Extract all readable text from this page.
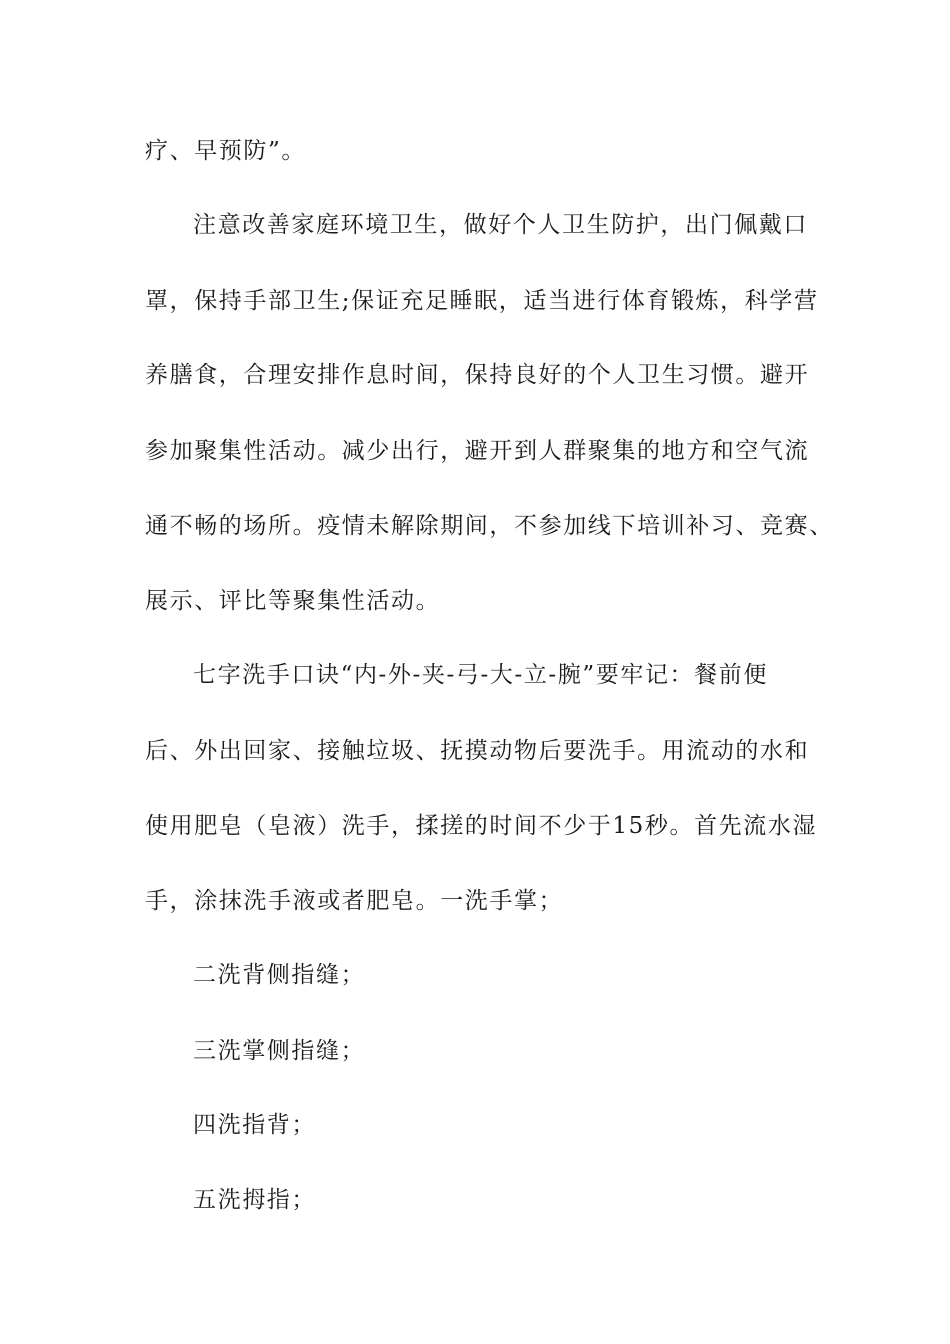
疗、早预防”。
注意改善家庭环境卫生，做好个人卫生防护，出门佩戴口
罩，保持手部卫生;保证充足睡眠，适当进行体育锻炼，科学营
养膳食，合理安排作息时间，保持良好的个人卫生习惯。避开
参加聚集性活动。减少出行，避开到人群聚集的地方和空气流
通不畅的场所。疫情未解除期间，不参加线下培训补习、竞赛、
展示、评比等聚集性活动。
七字洗手口诀“内-外-夹-弓-大-立-腕”要牢记：餐前便
后、外出回家、接触垃圾、抚摸动物后要洗手。用流动的水和
使用肥皂（皂液）洗手，揉搓的时间不少于15秒。首先流水湿
手，涂抹洗手液或者肥皂。一洗手掌；
二洗背侧指缝；
三洗掌侧指缝；
四洗指背；
五洗拇指；
